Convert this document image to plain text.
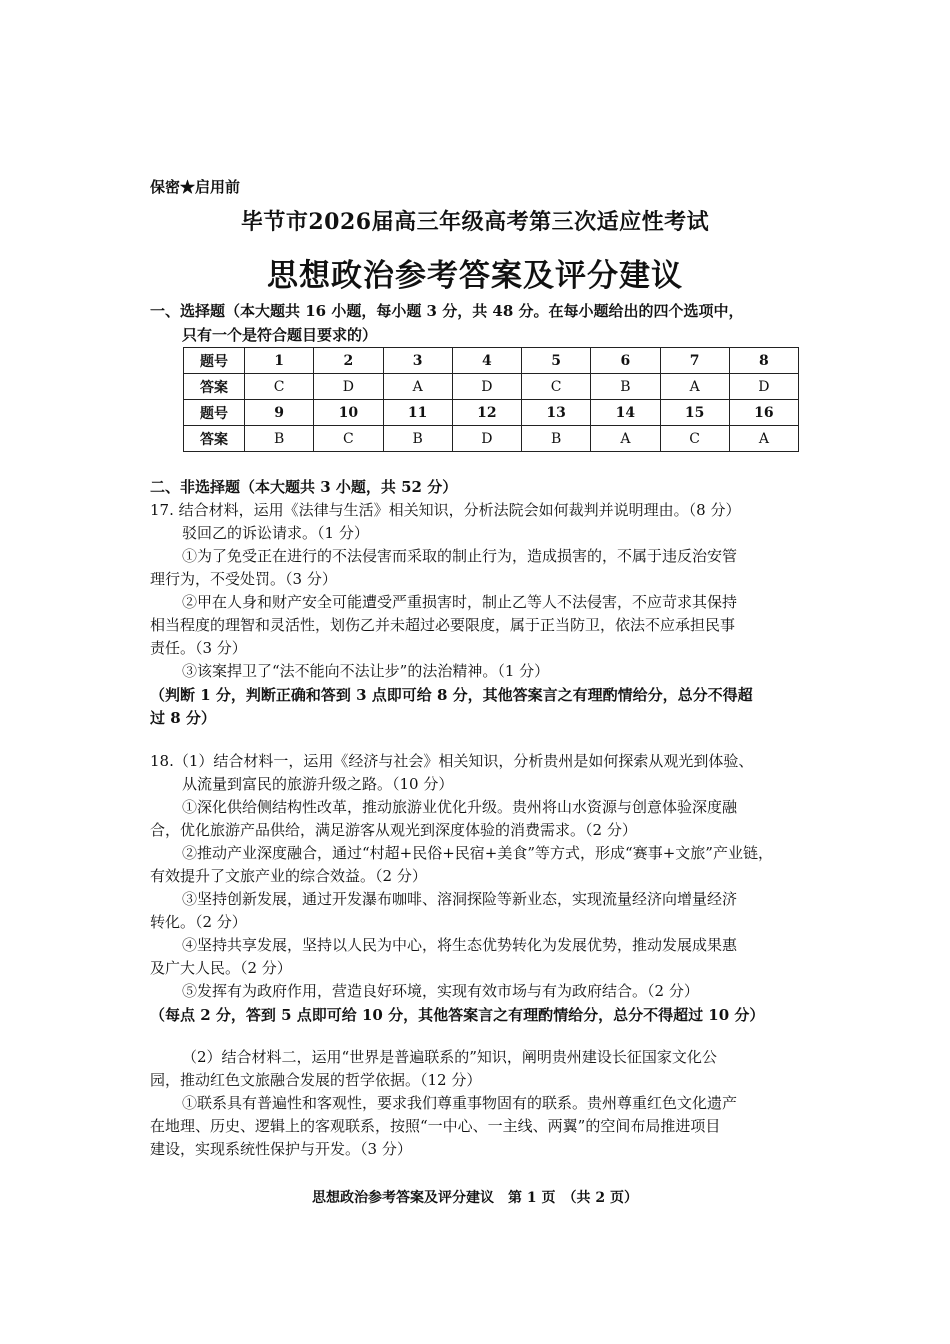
保密★启用前
毕节市2026届高三年级高考第三次适应性考试
思想政治参考答案及评分建议
一、选择题（本大题共 16 小题，每小题 3 分，共 48 分。在每小题给出的四个选项中，
只有一个是符合题目要求的）
题号	1	2	3	4	5	6	7	8
答案	C	D	A	D	C	B	A	D
题号	9	10	11	12	13	14	15	16
答案	B	C	B	D	B	A	C	A
二、非选择题（本大题共 3 小题，共 52 分）
17. 结合材料，运用《法律与生活》相关知识，分析法院会如何裁判并说明理由。（8 分）
驳回乙的诉讼请求。（1 分）
①为了免受正在进行的不法侵害而采取的制止行为，造成损害的，不属于违反治安管
理行为，不受处罚。（3 分）
②甲在人身和财产安全可能遭受严重损害时，制止乙等人不法侵害，不应苛求其保持
相当程度的理智和灵活性，划伤乙并未超过必要限度，属于正当防卫，依法不应承担民事
责任。（3 分）
③该案捍卫了“法不能向不法让步”的法治精神。（1 分）
（判断 1 分，判断正确和答到 3 点即可给 8 分，其他答案言之有理酌情给分，总分不得超
过 8 分）
18.（1）结合材料一，运用《经济与社会》相关知识，分析贵州是如何探索从观光到体验、
从流量到富民的旅游升级之路。（10 分）
①深化供给侧结构性改革，推动旅游业优化升级。贵州将山水资源与创意体验深度融
合，优化旅游产品供给，满足游客从观光到深度体验的消费需求。（2 分）
②推动产业深度融合，通过“村超+民俗+民宿+美食”等方式，形成“赛事+文旅”产业链，
有效提升了文旅产业的综合效益。（2 分）
③坚持创新发展，通过开发瀑布咖啡、溶洞探险等新业态，实现流量经济向增量经济
转化。（2 分）
④坚持共享发展，坚持以人民为中心，将生态优势转化为发展优势，推动发展成果惠
及广大人民。（2 分）
⑤发挥有为政府作用，营造良好环境，实现有效市场与有为政府结合。（2 分）
（每点 2 分，答到 5 点即可给 10 分，其他答案言之有理酌情给分，总分不得超过 10 分）
（2）结合材料二，运用“世界是普遍联系的”知识，阐明贵州建设长征国家文化公
园，推动红色文旅融合发展的哲学依据。（12 分）
①联系具有普遍性和客观性，要求我们尊重事物固有的联系。贵州尊重红色文化遗产
在地理、历史、逻辑上的客观联系，按照“一中心、一主线、两翼”的空间布局推进项目
建设，实现系统性保护与开发。（3 分）
思想政治参考答案及评分建议　第 1 页　（共 2 页）
